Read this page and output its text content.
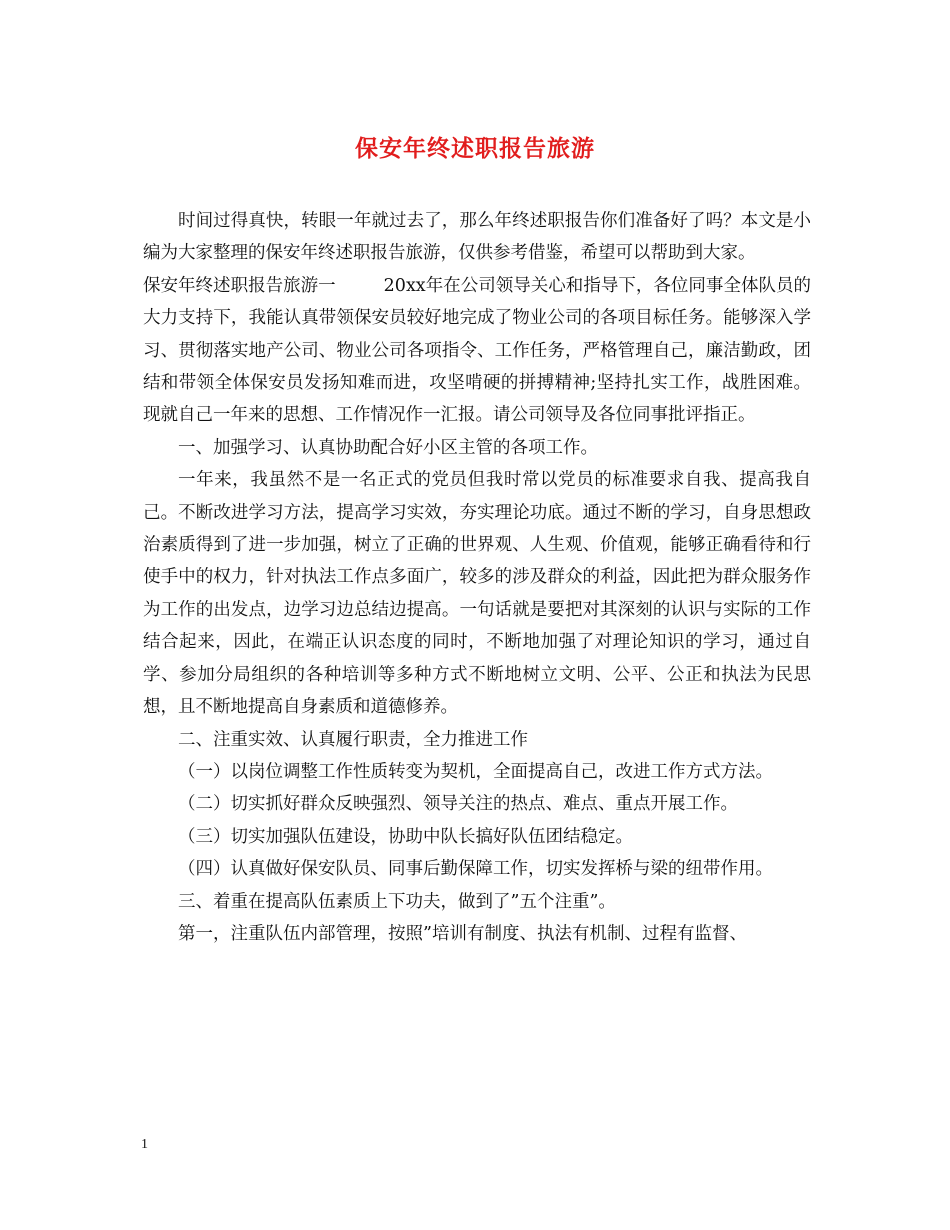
保安年终述职报告旅游

时间过得真快，转眼一年就过去了，那么年终述职报告你们准备好了吗？本文是小编为大家整理的保安年终述职报告旅游，仅供参考借鉴，希望可以帮助到大家。

保安年终述职报告旅游一	20xx年在公司领导关心和指导下，各位同事全体队员的大力支持下，我能认真带领保安员较好地完成了物业公司的各项目标任务。能够深入学习、贯彻落实地产公司、物业公司各项指令、工作任务，严格管理自己，廉洁勤政，团结和带领全体保安员发扬知难而进，攻坚啃硬的拼搏精神;坚持扎实工作，战胜困难。现就自己一年来的思想、工作情况作一汇报。请公司领导及各位同事批评指正。

一、加强学习、认真协助配合好小区主管的各项工作。

一年来，我虽然不是一名正式的党员但我时常以党员的标准要求自我、提高我自己。不断改进学习方法，提高学习实效，夯实理论功底。通过不断的学习，自身思想政治素质得到了进一步加强，树立了正确的世界观、人生观、价值观，能够正确看待和行使手中的权力，针对执法工作点多面广，较多的涉及群众的利益，因此把为群众服务作为工作的出发点，边学习边总结边提高。一句话就是要把对其深刻的认识与实际的工作结合起来，因此，在端正认识态度的同时，不断地加强了对理论知识的学习，通过自学、参加分局组织的各种培训等多种方式不断地树立文明、公平、公正和执法为民思想，且不断地提高自身素质和道德修养。

二、注重实效、认真履行职责，全力推进工作

（一）以岗位调整工作性质转变为契机，全面提高自己，改进工作方式方法。

（二）切实抓好群众反映强烈、领导关注的热点、难点、重点开展工作。

（三）切实加强队伍建设，协助中队长搞好队伍团结稳定。

（四）认真做好保安队员、同事后勤保障工作，切实发挥桥与梁的纽带作用。

三、着重在提高队伍素质上下功夫，做到了”五个注重”。

第一，注重队伍内部管理，按照”培训有制度、执法有机制、过程有监督、

1
